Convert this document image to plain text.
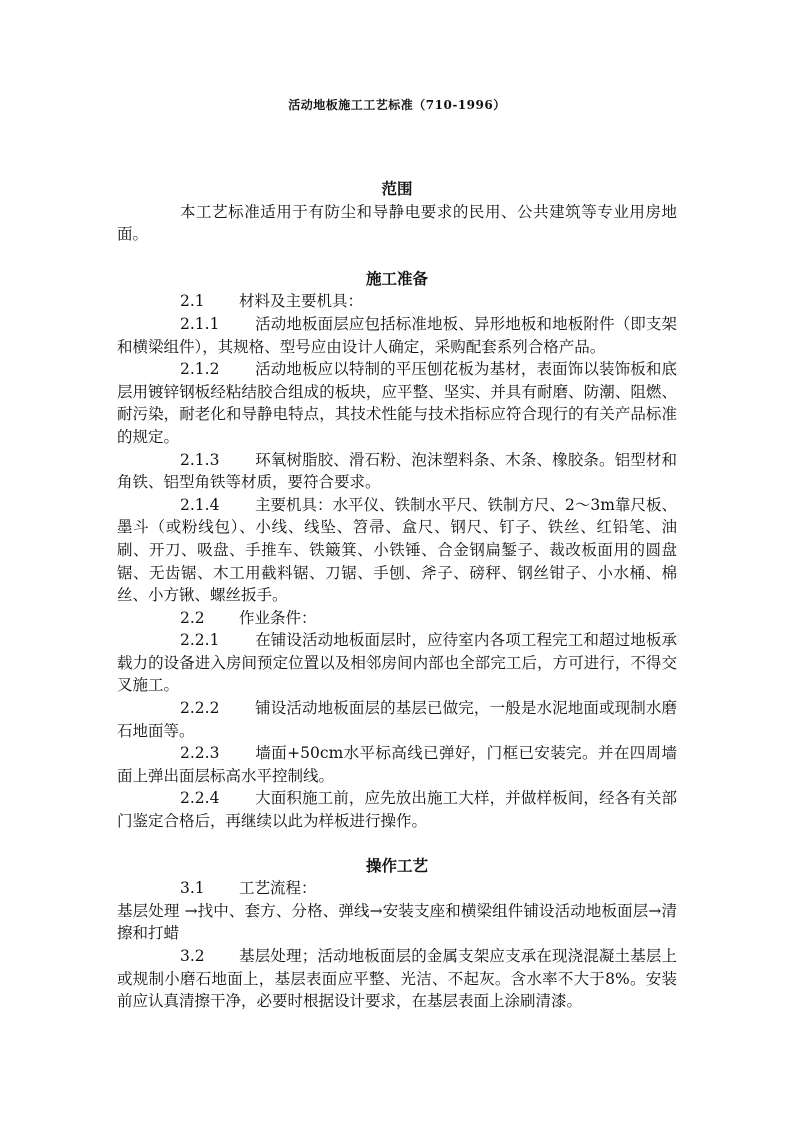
活动地板施工工艺标准（710-1996）
范围

本工艺标准适用于有防尘和导静电要求的民用、公共建筑等专业用房地面。

施工准备

2.1 材料及主要机具：

2.1.1 活动地板面层应包括标准地板、异形地板和地板附件（即支架和横梁组件），其规格、型号应由设计人确定，采购配套系列合格产品。

2.1.2 活动地板应以特制的平压刨花板为基材，表面饰以装饰板和底层用镀锌钢板经粘结胶合组成的板块，应平整、坚实、并具有耐磨、防潮、阻燃、耐污染，耐老化和导静电特点，其技术性能与技术指标应符合现行的有关产品标准的规定。

2.1.3 环氧树脂胶、滑石粉、泡沫塑料条、木条、橡胶条。铝型材和角铁、铝型角铁等材质，要符合要求。

2.1.4 主要机具：水平仪、铁制水平尺、铁制方尺、2～3m靠尺板、墨斗（或粉线包）、小线、线坠、笤帚、盒尺、钢尺、钉子、铁丝、红铅笔、油刷、开刀、吸盘、手推车、铁簸箕、小铁锤、合金钢扁錾子、裁改板面用的圆盘锯、无齿锯、木工用截料锯、刀锯、手刨、斧子、磅秤、钢丝钳子、小水桶、棉丝、小方锹、螺丝扳手。

2.2 作业条件：

2.2.1 在铺设活动地板面层时，应待室内各项工程完工和超过地板承载力的设备进入房间预定位置以及相邻房间内部也全部完工后，方可进行，不得交叉施工。

2.2.2 铺设活动地板面层的基层已做完，一般是水泥地面或现制水磨石地面等。

2.2.3 墙面+50cm水平标高线已弹好，门框已安装完。并在四周墙面上弹出面层标高水平控制线。

2.2.4 大面积施工前，应先放出施工大样，并做样板间，经各有关部门鉴定合格后，再继续以此为样板进行操作。

操作工艺

3.1 工艺流程：

基层处理 →找中、套方、分格、弹线→安装支座和横梁组件铺设活动地板面层→清擦和打蜡

3.2 基层处理；活动地板面层的金属支架应支承在现浇混凝土基层上或规制小磨石地面上，基层表面应平整、光洁、不起灰。含水率不大于8%。安装前应认真清擦干净，必要时根据设计要求，在基层表面上涂刷清漆。
